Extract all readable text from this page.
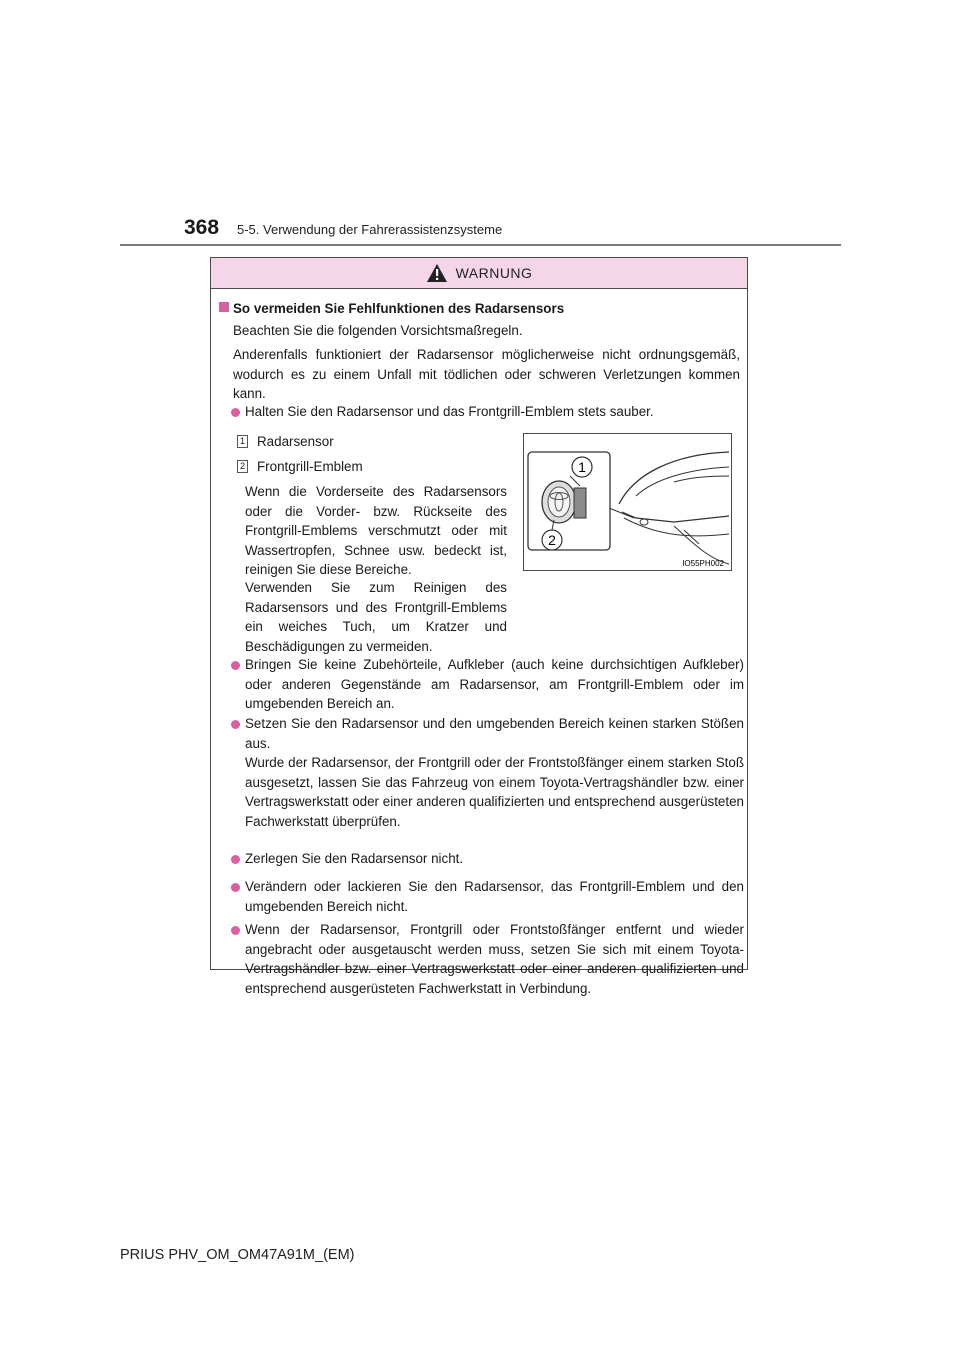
368 5-5. Verwendung der Fahrerassistenzsysteme
WARNUNG
So vermeiden Sie Fehlfunktionen des Radarsensors
Beachten Sie die folgenden Vorsichtsmaßregeln.
Anderenfalls funktioniert der Radarsensor möglicherweise nicht ordnungsgemäß, wodurch es zu einem Unfall mit tödlichen oder schweren Verletzungen kommen kann.
Halten Sie den Radarsensor und das Frontgrill-Emblem stets sauber.
1 Radarsensor
2 Frontgrill-Emblem
Wenn die Vorderseite des Radarsensors oder die Vorder- bzw. Rückseite des Frontgrill-Emblems verschmutzt oder mit Wassertropfen, Schnee usw. bedeckt ist, reinigen Sie diese Bereiche.
Verwenden Sie zum Reinigen des Radarsensors und des Frontgrill-Emblems ein weiches Tuch, um Kratzer und Beschädigungen zu vermeiden.
Bringen Sie keine Zubehörteile, Aufkleber (auch keine durchsichtigen Aufkleber) oder anderen Gegenstände am Radarsensor, am Frontgrill-Emblem oder im umgebenden Bereich an.
Setzen Sie den Radarsensor und den umgebenden Bereich keinen starken Stößen aus.
Wurde der Radarsensor, der Frontgrill oder der Frontstoßfänger einem starken Stoß ausgesetzt, lassen Sie das Fahrzeug von einem Toyota-Vertragshändler bzw. einer Vertragswerkstatt oder einer anderen qualifizierten und entsprechend ausgerüsteten Fachwerkstatt überprüfen.
Zerlegen Sie den Radarsensor nicht.
Verändern oder lackieren Sie den Radarsensor, das Frontgrill-Emblem und den umgebenden Bereich nicht.
Wenn der Radarsensor, Frontgrill oder Frontstoßfänger entfernt und wieder angebracht oder ausgetauscht werden muss, setzen Sie sich mit einem Toyota-Vertragshändler bzw. einer Vertragswerkstatt oder einer anderen qualifizierten und entsprechend ausgerüsteten Fachwerkstatt in Verbindung.
1
2
IO55PH002
PRIUS PHV_OM_OM47A91M_(EM)
